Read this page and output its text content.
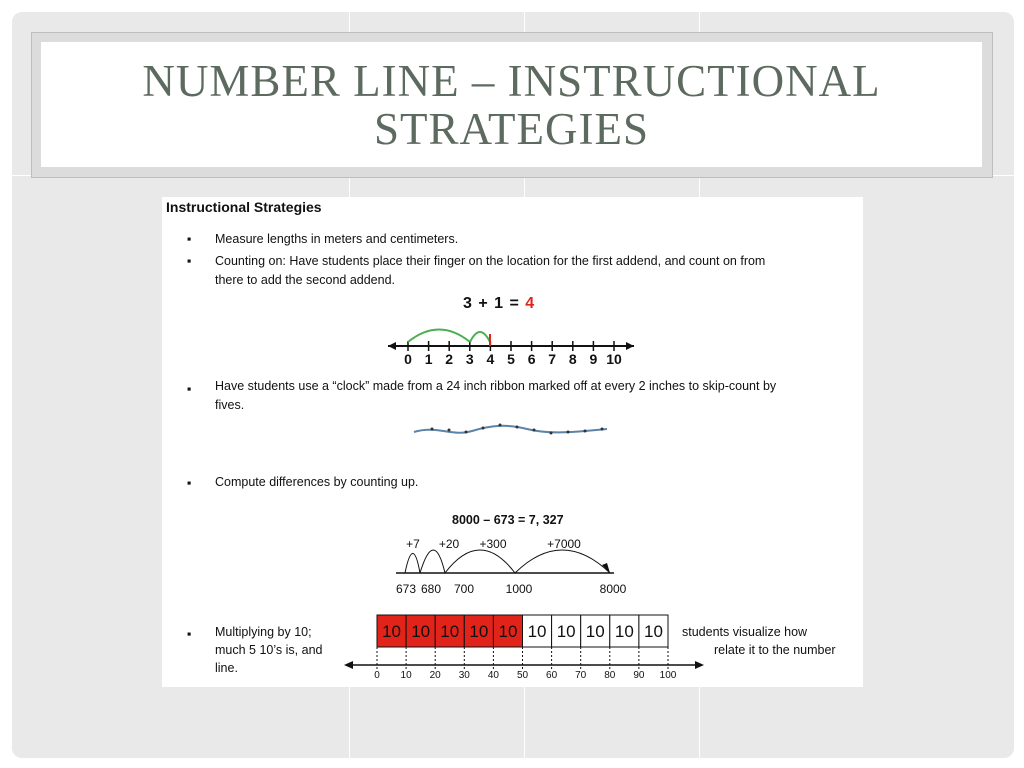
NUMBER LINE – INSTRUCTIONAL
STRATEGIES
Instructional Strategies
▪ Measure lengths in meters and centimeters.
▪ Counting on: Have students place their finger on the location for the first addend, and count on from
there to add the second addend.
3 + 1 = 4
0 1 2 3 4 5 6 7 8 9 10
+7 +20 +300	+7000
673 680 700	1000	8000
10 10 10 10 10 10 10 10 10 10
0 10 20 30 40 50 60 70 80 90 100
8000 – 673 = 7, 327
▪ Have students use a “clock” made from a 24 inch ribbon marked off at every 2 inches to skip-count by
fives.
▪ Compute differences by counting up.
▪ Multiplying by 10;
much 5 10’s is, and
line.
students visualize how
relate it to the number
